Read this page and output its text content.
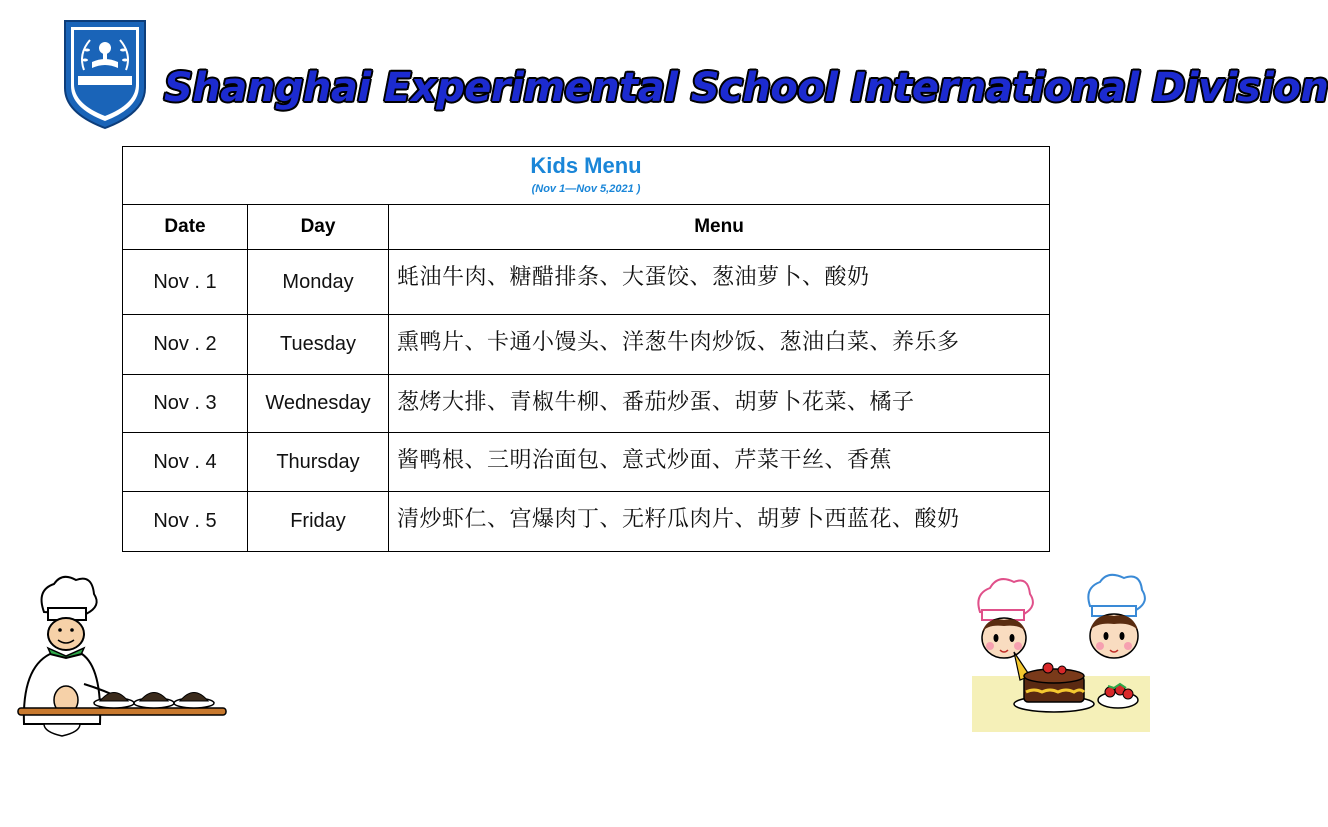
Shanghai Experimental School International Division
Kids Menu
(Nov 1—Nov 5,2021 )		

Date	Day	Menu
Nov . 1	Monday	蚝油牛肉、糖醋排条、大蛋饺、葱油萝卜、酸奶
Nov . 2	Tuesday	熏鸭片、卡通小馒头、洋葱牛肉炒饭、葱油白菜、养乐多
Nov . 3	Wednesday	葱烤大排、青椒牛柳、番茄炒蛋、胡萝卜花菜、橘子
Nov . 4	Thursday	酱鸭根、三明治面包、意式炒面、芹菜干丝、香蕉
Nov . 5	Friday	清炒虾仁、宫爆肉丁、无籽瓜肉片、胡萝卜西蓝花、酸奶
